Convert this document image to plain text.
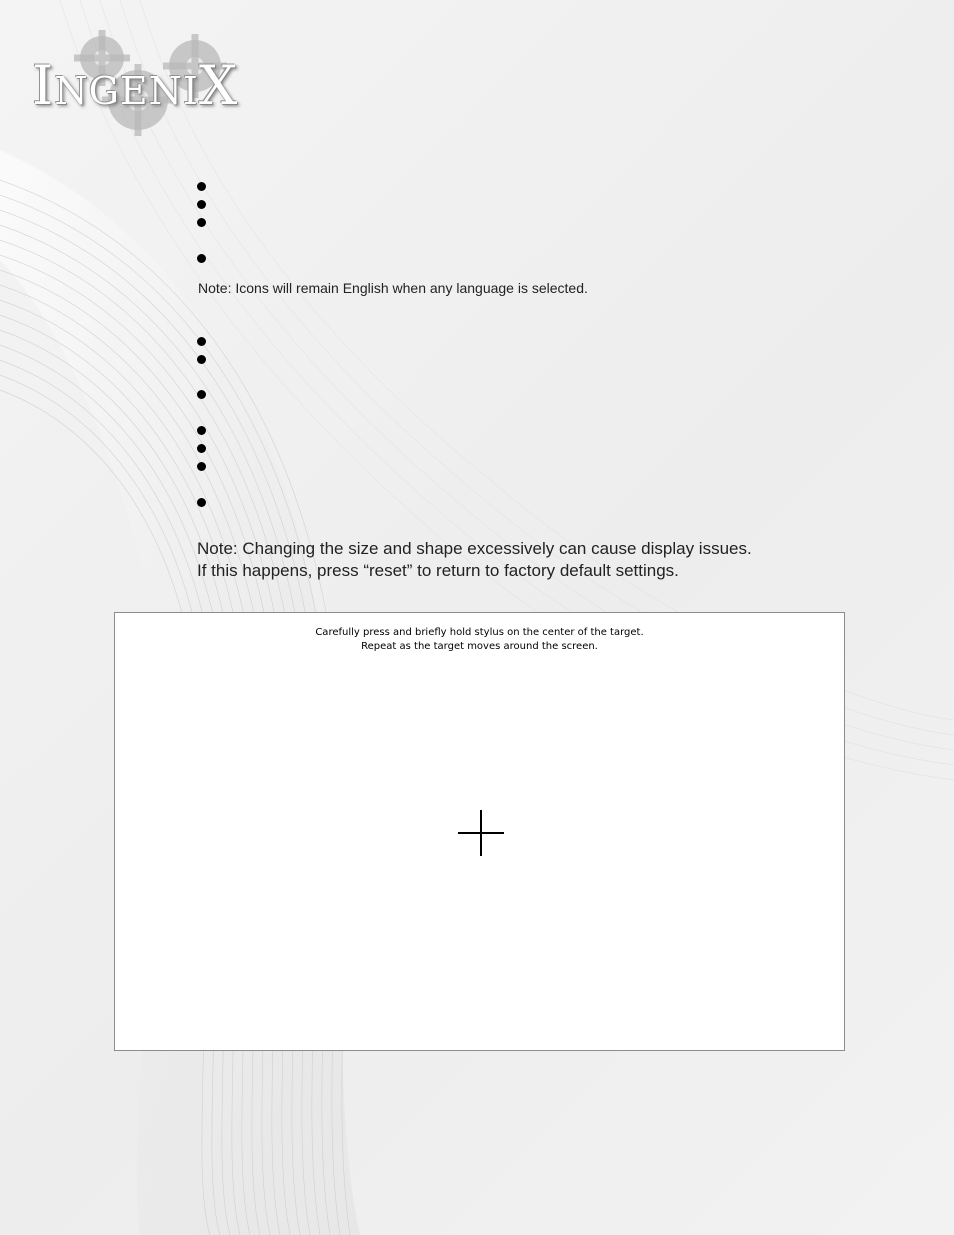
IngeniX
Note: Icons will remain English when any language is selected.
Note: Changing the size and shape excessively can cause display issues.
If this happens, press “reset” to return to factory default settings.
Carefully press and briefly hold stylus on the center of the target.
Repeat as the target moves around the screen.
